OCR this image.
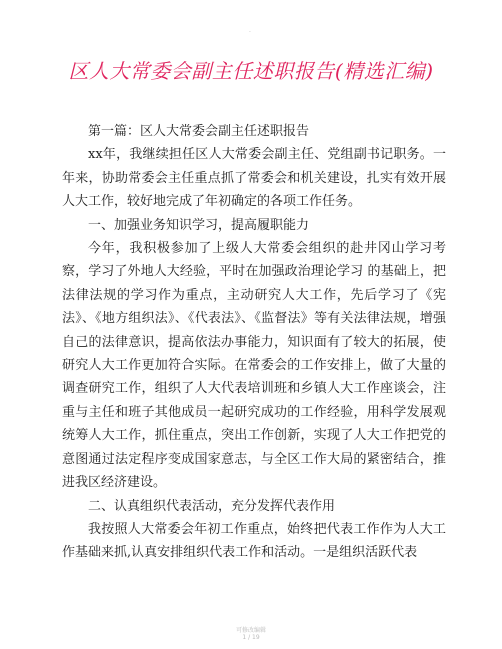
·
区人大常委会副主任述职报告(精选汇编)

第一篇：区人大常委会副主任述职报告

xx年，我继续担任区人大常委会副主任、党组副书记职务。一年来，协助常委会主任重点抓了常委会和机关建设，扎实有效开展人大工作，较好地完成了年初确定的各项工作任务。

一、加强业务知识学习，提高履职能力

今年，我积极参加了上级人大常委会组织的赴井冈山学习考察，学习了外地人大经验，平时在加强政治理论学习 的基础上，把法律法规的学习作为重点，主动研究人大工作，先后学习了《宪法》、《地方组织法》、《代表法》、《监督法》等有关法律法规，增强自己的法律意识，提高依法办事能力，知识面有了较大的拓展，使研究人大工作更加符合实际。在常委会的工作安排上，做了大量的调查研究工作，组织了人大代表培训班和乡镇人大工作座谈会，注重与主任和班子其他成员一起研究成功的工作经验，用科学发展观统筹人大工作，抓住重点，突出工作创新，实现了人大工作把党的意图通过法定程序变成国家意志，与全区工作大局的紧密结合，推进我区经济建设。

二、认真组织代表活动，充分发挥代表作用

我按照人大常委会年初工作重点，始终把代表工作作为人大工作基础来抓,认真安排组织代表工作和活动。一是组织活跃代表

可修改编辑
1 / 19
